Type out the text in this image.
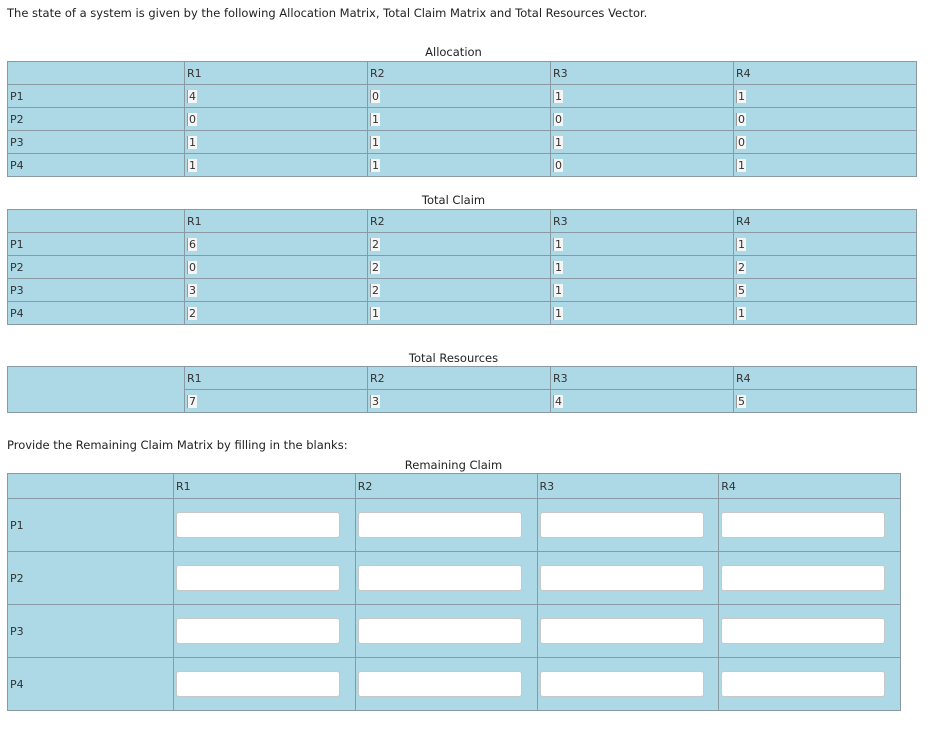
The state of a system is given by the following Allocation Matrix, Total Claim Matrix and Total Resources Vector.
Allocation
	R1	R2	R3	R4
P1	4	0	1	1
P2	0	1	0	0
P3	1	1	1	0
P4	1	1	0	1
Total Claim
	R1	R2	R3	R4
P1	6	2	1	1
P2	0	2	1	2
P3	3	2	1	5
P4	2	1	1	1
Total Resources
	R1	R2	R3	R4
	7	3	4	5
Provide the Remaining Claim Matrix by filling in the blanks:
Remaining Claim
	R1	R2	R3	R4
P1				
P2				
P3				
P4				
